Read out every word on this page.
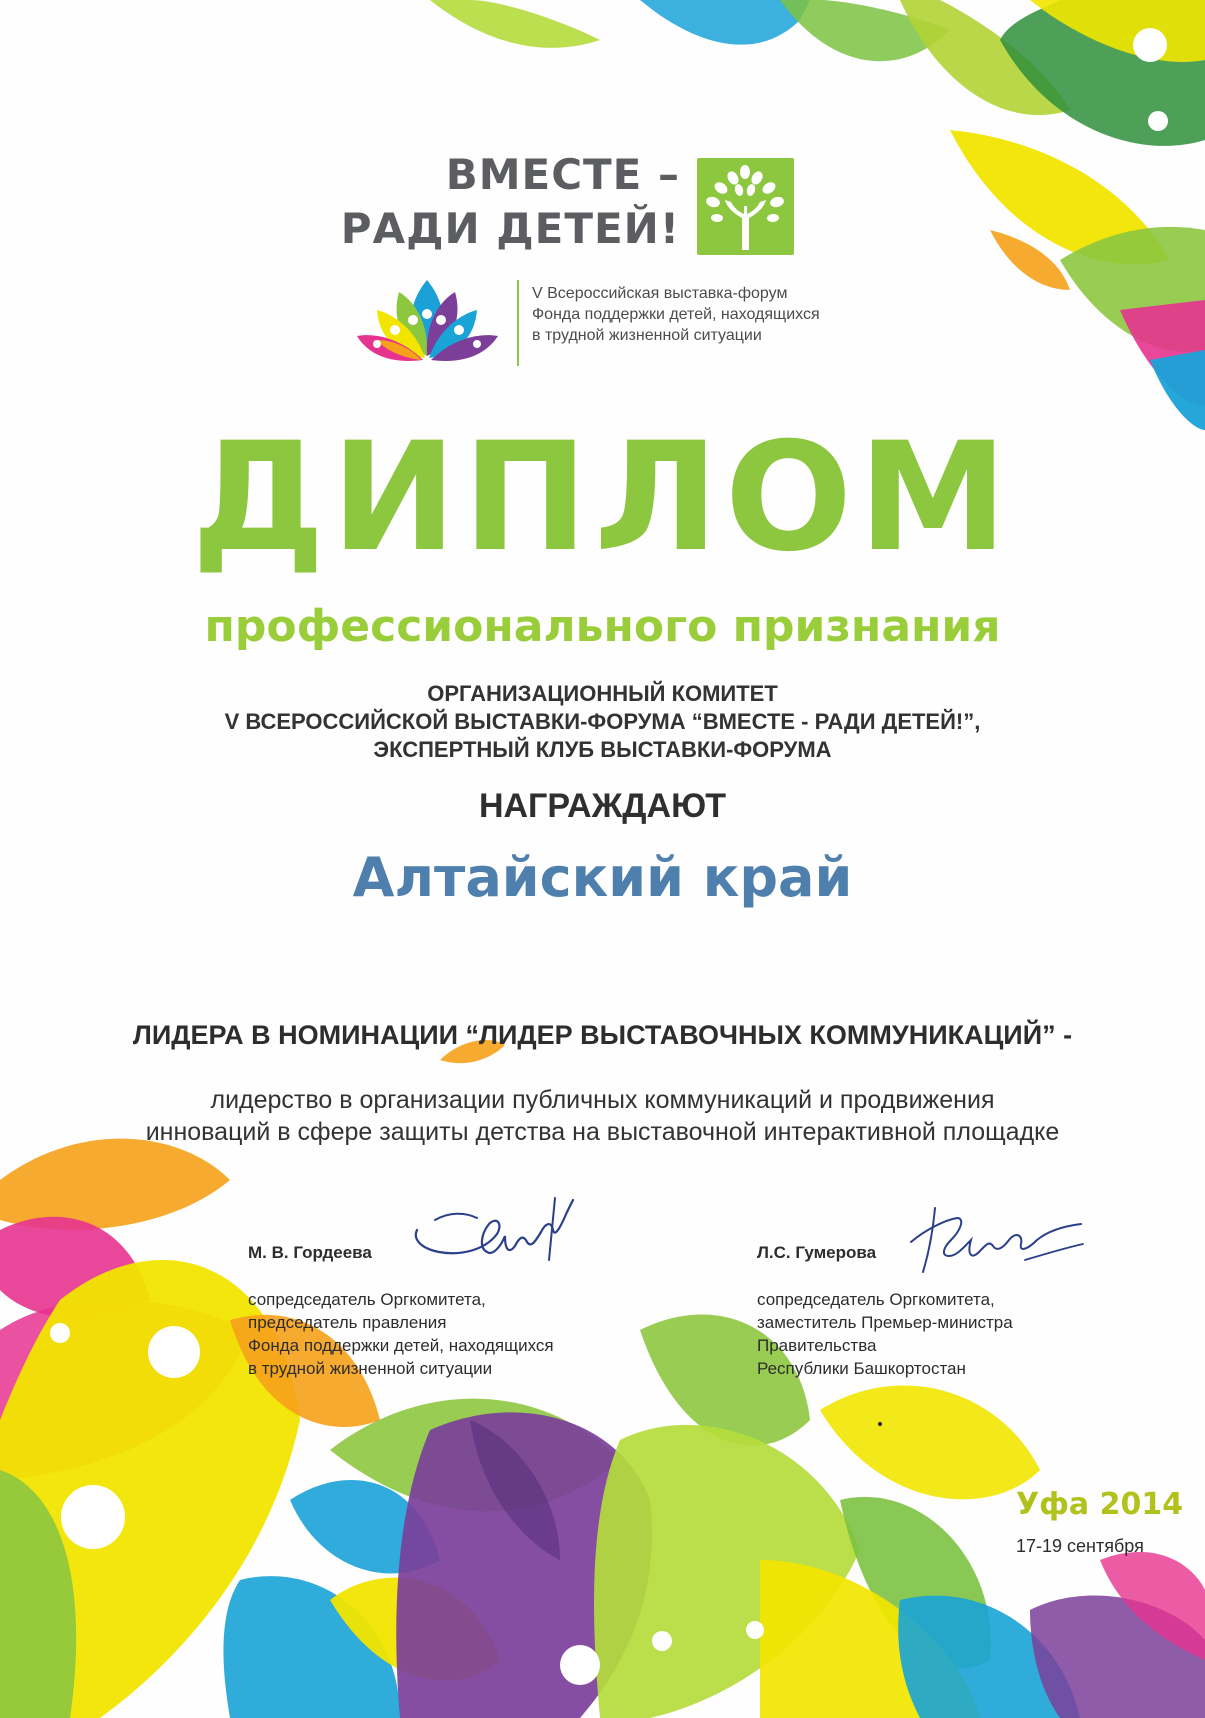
ВМЕСТЕ –
РАДИ ДЕТЕЙ!
V Всероссийская выставка-форум
Фонда поддержки детей, находящихся
в трудной жизненной ситуации
ДИПЛОМ
профессионального признания
ОРГАНИЗАЦИОННЫЙ КОМИТЕТ
V ВСЕРОССИЙСКОЙ ВЫСТАВКИ-ФОРУМА “ВМЕСТЕ - РАДИ ДЕТЕЙ!”,
ЭКСПЕРТНЫЙ КЛУБ ВЫСТАВКИ-ФОРУМА
НАГРАЖДАЮТ
Алтайский край
ЛИДЕРА В НОМИНАЦИИ “ЛИДЕР ВЫСТАВОЧНЫХ КОММУНИКАЦИЙ” -
лидерство в организации публичных коммуникаций и продвижения
инноваций в сфере защиты детства на выставочной интерактивной площадке
М. В. Гордеева
сопредседатель Оргкомитета,
председатель правления
Фонда поддержки детей, находящихся
в трудной жизненной ситуации
Л.С. Гумерова
сопредседатель Оргкомитета,
заместитель Премьер-министра
Правительства
Республики Башкортостан
Уфа 2014
17-19 сентября
